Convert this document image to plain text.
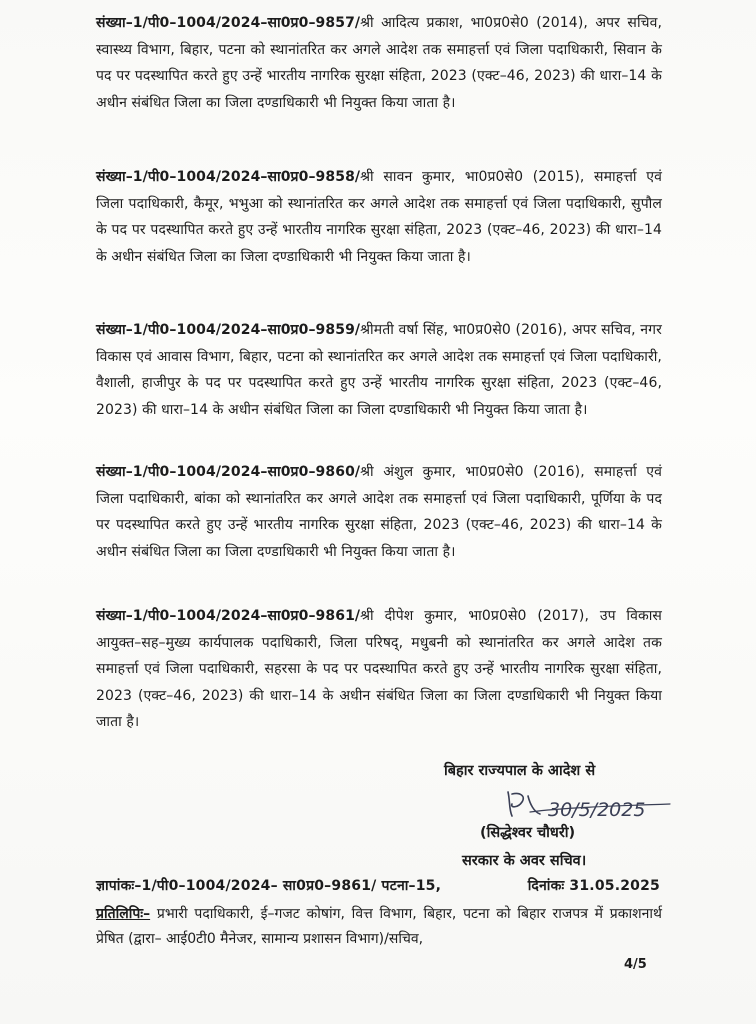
संख्या–1/पी0–1004/2024–सा0प्र0–9857/श्री आदित्य प्रकाश, भा0प्र0से0 (2014), अपर सचिव, स्वास्थ्य विभाग, बिहार, पटना को स्थानांतरित कर अगले आदेश तक समाहर्त्ता एवं जिला पदाधिकारी, सिवान के पद पर पदस्थापित करते हुए उन्हें भारतीय नागरिक सुरक्षा संहिता, 2023 (एक्ट–46, 2023) की धारा–14 के अधीन संबंधित जिला का जिला दण्डाधिकारी भी नियुक्त किया जाता है।
संख्या–1/पी0–1004/2024–सा0प्र0–9858/श्री सावन कुमार, भा0प्र0से0 (2015), समाहर्त्ता एवं जिला पदाधिकारी, कैमूर, भभुआ को स्थानांतरित कर अगले आदेश तक समाहर्त्ता एवं जिला पदाधिकारी, सुपौल के पद पर पदस्थापित करते हुए उन्हें भारतीय नागरिक सुरक्षा संहिता, 2023 (एक्ट–46, 2023) की धारा–14 के अधीन संबंधित जिला का जिला दण्डाधिकारी भी नियुक्त किया जाता है।
संख्या–1/पी0–1004/2024–सा0प्र0–9859/श्रीमती वर्षा सिंह, भा0प्र0से0 (2016), अपर सचिव, नगर विकास एवं आवास विभाग, बिहार, पटना को स्थानांतरित कर अगले आदेश तक समाहर्त्ता एवं जिला पदाधिकारी, वैशाली, हाजीपुर के पद पर पदस्थापित करते हुए उन्हें भारतीय नागरिक सुरक्षा संहिता, 2023 (एक्ट–46, 2023) की धारा–14 के अधीन संबंधित जिला का जिला दण्डाधिकारी भी नियुक्त किया जाता है।
संख्या–1/पी0–1004/2024–सा0प्र0–9860/श्री अंशुल कुमार, भा0प्र0से0 (2016), समाहर्त्ता एवं जिला पदाधिकारी, बांका को स्थानांतरित कर अगले आदेश तक समाहर्त्ता एवं जिला पदाधिकारी, पूर्णिया के पद पर पदस्थापित करते हुए उन्हें भारतीय नागरिक सुरक्षा संहिता, 2023 (एक्ट–46, 2023) की धारा–14 के अधीन संबंधित जिला का जिला दण्डाधिकारी भी नियुक्त किया जाता है।
संख्या–1/पी0–1004/2024–सा0प्र0–9861/श्री दीपेश कुमार, भा0प्र0से0 (2017), उप विकास आयुक्त–सह–मुख्य कार्यपालक पदाधिकारी, जिला परिषद्, मधुबनी को स्थानांतरित कर अगले आदेश तक समाहर्त्ता एवं जिला पदाधिकारी, सहरसा के पद पर पदस्थापित करते हुए उन्हें भारतीय नागरिक सुरक्षा संहिता, 2023 (एक्ट–46, 2023) की धारा–14 के अधीन संबंधित जिला का जिला दण्डाधिकारी भी नियुक्त किया जाता है।
बिहार राज्यपाल के आदेश से
30/5/2025
(सिद्धेश्वर चौधरी)
सरकार के अवर सचिव।
ज्ञापांकः–1/पी0–1004/2024– सा0प्र0–9861/ पटना–15,	दिनांकः 31.05.2025
प्रतिलिपिः– प्रभारी पदाधिकारी, ई–गजट कोषांग, वित्त विभाग, बिहार, पटना को बिहार राजपत्र में प्रकाशनार्थ प्रेषित (द्वारा– आई0टी0 मैनेजर, सामान्य प्रशासन विभाग)/सचिव,
4/5
